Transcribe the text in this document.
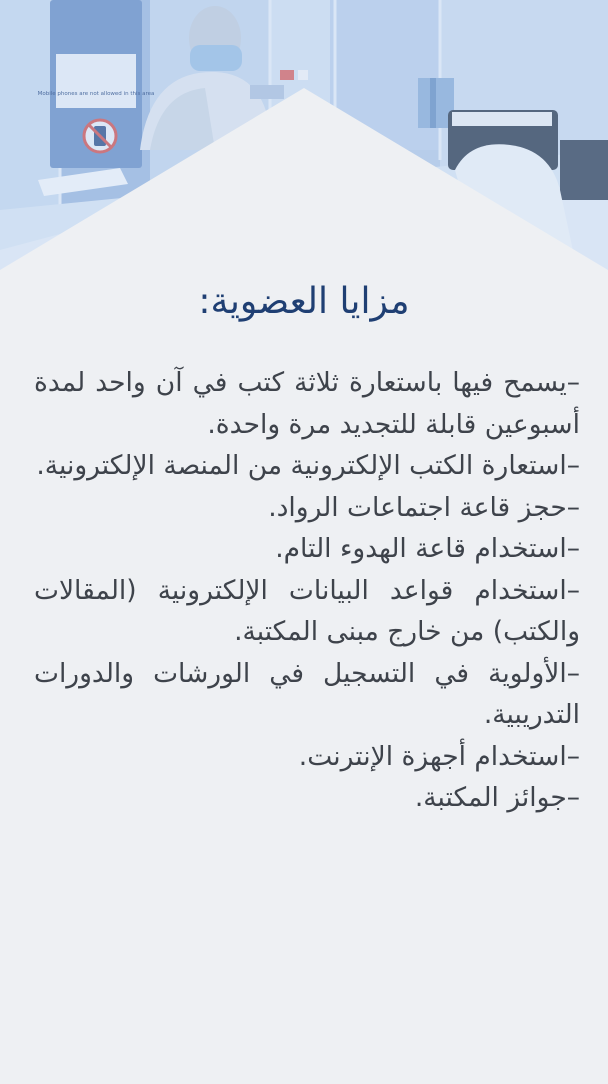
Mobile phones are not allowed in this area
مزايا العضوية:
–يسمح فيها باستعارة ثلاثة كتب في آن واحد لمدة أسبوعين قابلة للتجديد مرة واحدة.
–استعارة الكتب الإلكترونية من المنصة الإلكترونية.
–حجز قاعة اجتماعات الرواد.
–استخدام قاعة الهدوء التام.
–استخدام قواعد البيانات الإلكترونية (المقالات والكتب) من خارج مبنى المكتبة.
–الأولوية في التسجيل في الورشات والدورات التدريبية.
–استخدام أجهزة الإنترنت.
–جوائز المكتبة.
